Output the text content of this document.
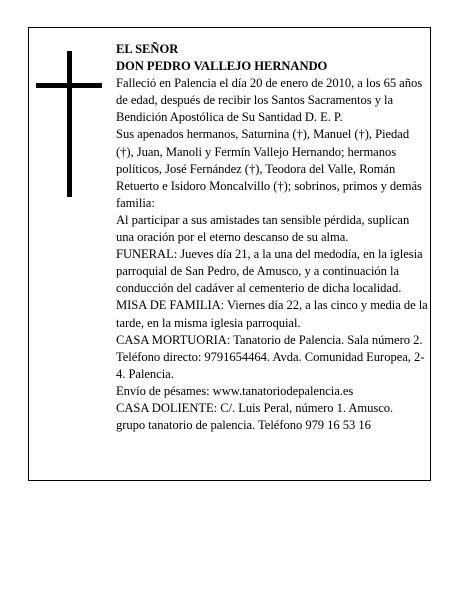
EL SEÑOR

DON PEDRO VALLEJO HERNANDO

Falleció en Palencia el día 20 de enero de 2010, a los 65 años de edad, después de recibir los Santos Sacramentos y la Bendición Apostólica de Su Santidad D. E. P.

Sus apenados hermanos, Saturnina (†), Manuel (†), Piedad (†), Juan, Manoli y Fermín Vallejo Hernando; hermanos políticos, José Fernández (†), Teodora del Valle, Román Retuerto e Isidoro Moncalvillo (†); sobrinos, primos y demás familia:

Al participar a sus amistades tan sensible pérdida, suplican una oración por el eterno descanso de su alma.

FUNERAL: Jueves día 21, a la una del medodía, en la iglesia parroquial de San Pedro, de Amusco, y a continuación la conducción del cadáver al cementerio de dicha localidad.

MISA DE FAMILIA: Viernes día 22, a las cinco y media de la tarde, en la misma iglesia parroquial.

CASA MORTUORIA: Tanatorio de Palencia. Sala número 2. Teléfono directo: 9791654464. Avda. Comunidad Europea, 2-4. Palencia.

Envío de pésames: www.tanatoriodepalencia.es

CASA DOLIENTE: C/. Luis Peral, número 1. Amusco.

grupo tanatorio de palencia. Teléfono 979 16 53 16
